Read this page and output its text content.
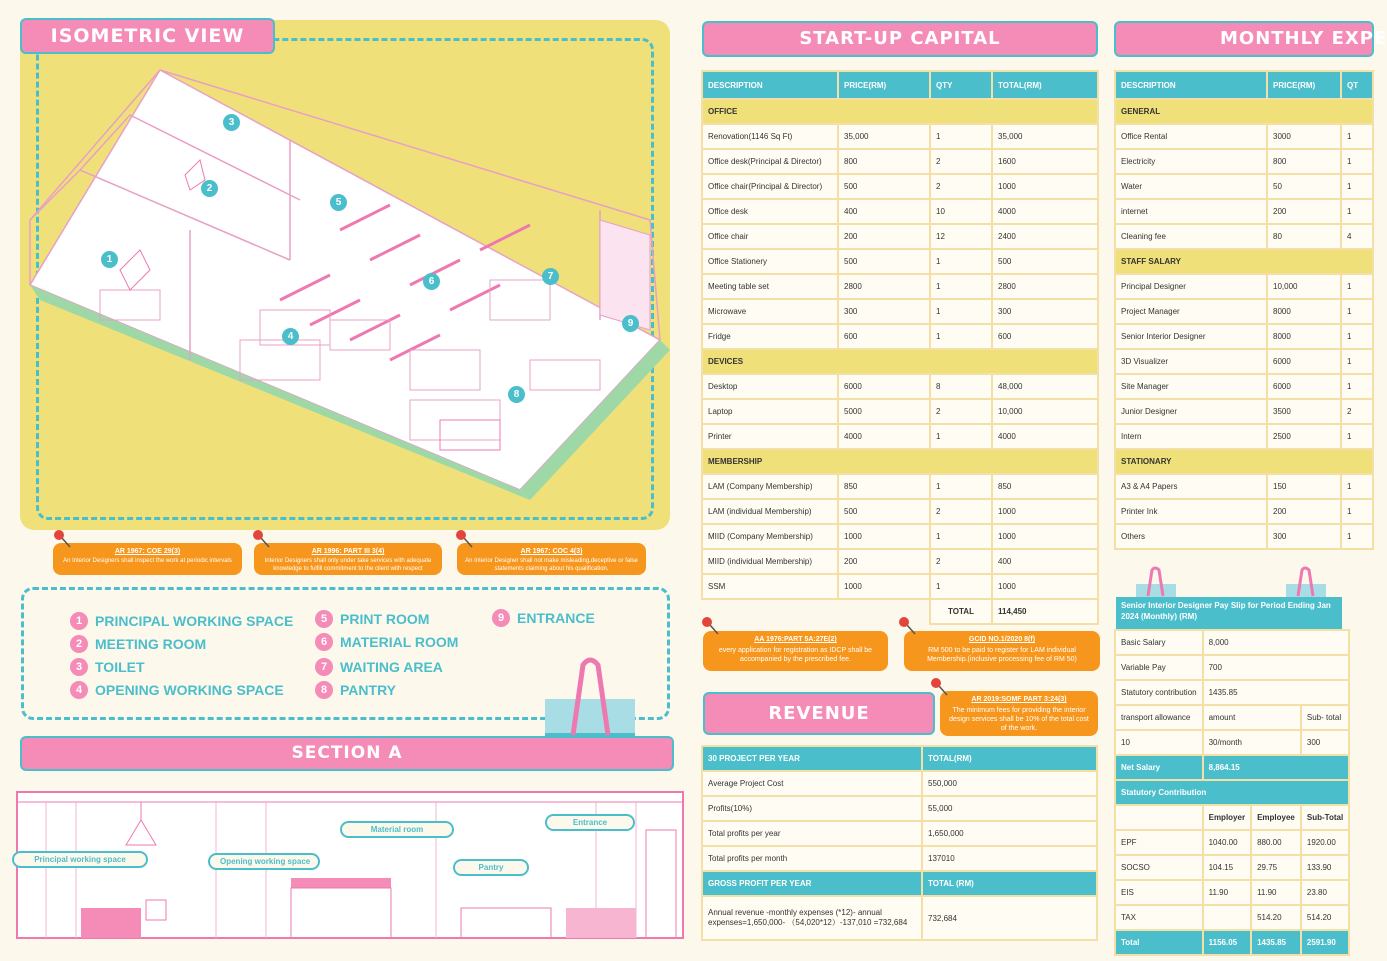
ISOMETRIC VIEW
3
2
1
5
6	7
4
9
8
AR 1967: COE 29(3)
An Interior Designers shall inspect the work at periodic intervals
AR 1996: PART III 3(4)
Interior Designers shall only under take services with adequate knowledge to fulfill commitment to the client with respect
AR 1967: COC 4(3)
An Interior Designer shall not make misleading,deceptive or false statements claiming about his qualification.
1 PRINCIPAL WORKING SPACE
2 MEETING ROOM
3 TOILET
4 OPENING WORKING SPACE
5 PRINT ROOM
6 MATERIAL ROOM
7 WAITING AREA
8 PANTRY
9 ENTRANCE
SECTION A
Principal working space	Opening working space
Material room
Pantry
Entrance
START-UP CAPITAL
DESCRIPTION	PRICE(RM)	QTY	TOTAL(RM)
OFFICE			
Renovation(1146 Sq Ft)	35,000	1	35,000
Office desk(Principal & Director)	800	2	1600
Office chair(Principal & Director)	500	2	1000
Office desk	400	10	4000
Office chair	200	12	2400
Office Stationery	500	1	500
Meeting table set	2800	1	2800
Microwave	300	1	300
Fridge	600	1	600
DEVICES			
Desktop	6000	8	48,000
Laptop	5000	2	10,000
Printer	4000	1	4000
MEMBERSHIP			
LAM (Company Membership)	850	1	850
LAM (individual Membership)	500	2	1000
MIID (Company Membership)	1000	1	1000
MIID (individual Membership)	200	2	400
SSM	1000	1	1000
		TOTAL	114,450
AA 1976:PART 5A:27E(2)
every application for registration as IDCP shall be accompanied by the prescribed fee.
GCID NO.1/2020 8(f)
RM 500 to be paid to register for LAM individual Membership.(inclusive processing fee of RM 50)
AR 2019:SOMF PART 3:24(3)
The minimum fees for providing the interior design services shall be 10% of the total cost of the work.
REVENUE
30 PROJECT PER YEAR	TOTAL(RM)
Average Project Cost	550,000
Profits(10%)	55,000
Total profits per year	1,650,000
Total profits per month	137010
GROSS PROFIT PER YEAR	TOTAL (RM)
Annual revenue -monthly expenses (*12)- annual expenses=1,650,000- （54,020*12）-137,010 =732,684	732,684
MONTHLY EXPE
DESCRIPTION	PRICE(RM)	QT
GENERAL		
Office Rental	3000	1
Electricity	800	1
Water	50	1
internet	200	1
Cleaning fee	80	4
STAFF SALARY		
Principal Designer	10,000	1
Project Manager	8000	1
Senior Interior Designer	8000	1
3D Visualizer	6000	1
Site Manager	6000	1
Junior Designer	3500	2
Intern	2500	1
STATIONARY		
A3 & A4 Papers	150	1
Printer Ink	200	1
Others	300	1
Senior Interior Designer Pay Slip for Period Ending Jan 2024 (Monthly) (RM)
Basic Salary	8,000		
Variable Pay	700		
Statutory contribution	1435.85		
transport allowance	amount		Sub- total
10	30/month		300
Net Salary	8,864.15		
Statutory Contribution			
	Employer	Employee	Sub-Total
EPF	1040.00	880.00	1920.00
SOCSO	104.15	29.75	133.90
EIS	11.90	11.90	23.80
TAX		514.20	514.20
Total	1156.05	1435.85	2591.90
